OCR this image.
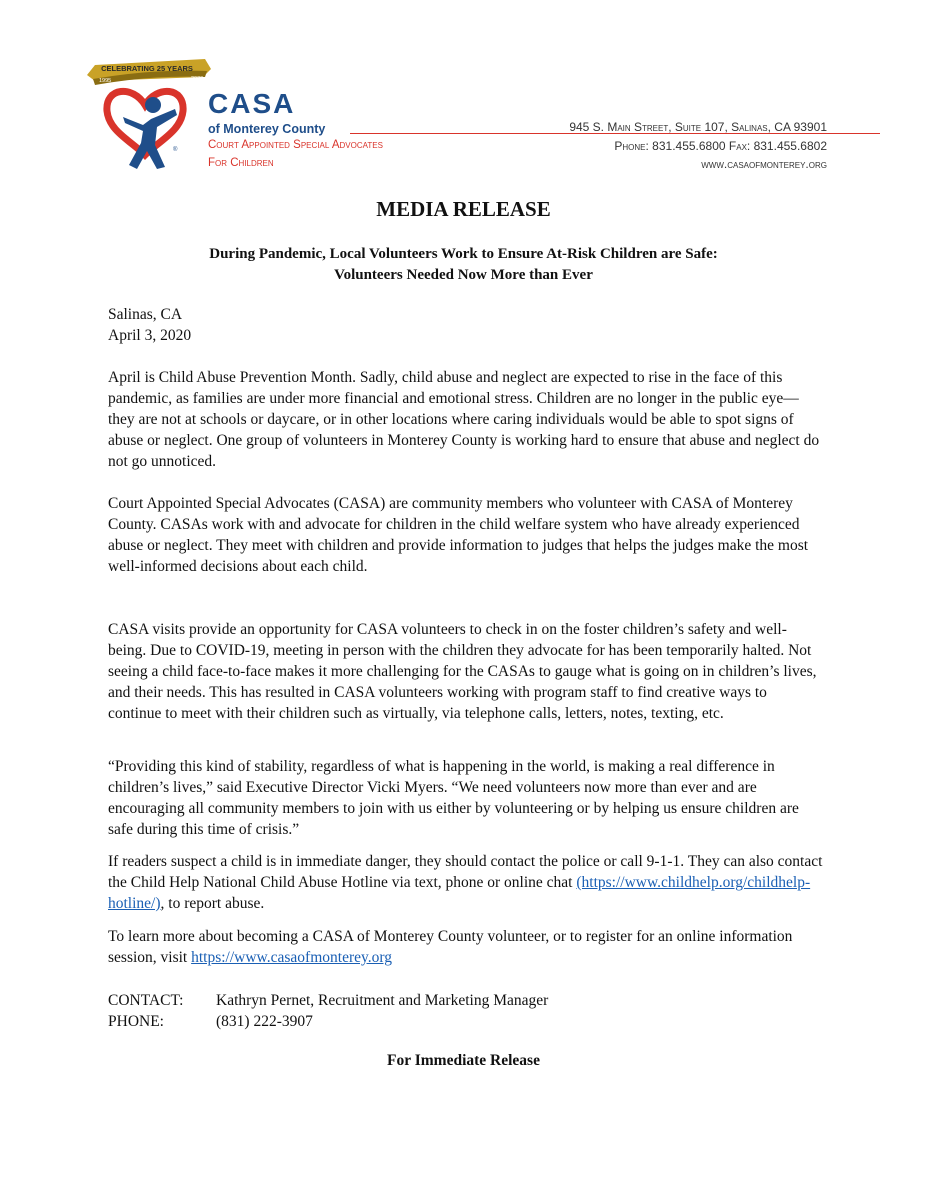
CELEBRATING 25 YEARS
1995	2020
®
CASA
of Monterey County
Court Appointed Special Advocates
For Children
945 S. Main Street, Suite 107, Salinas, CA 93901
Phone: 831.455.6800 Fax: 831.455.6802
www.casaofmonterey.org
MEDIA RELEASE
During Pandemic, Local Volunteers Work to Ensure At-Risk Children are Safe:
Volunteers Needed Now More than Ever
Salinas, CA
April 3, 2020

April is Child Abuse Prevention Month. Sadly, child abuse and neglect are expected to rise in the face of this pandemic, as families are under more financial and emotional stress. Children are no longer in the public eye—they are not at schools or daycare, or in other locations where caring individuals would be able to spot signs of abuse or neglect. One group of volunteers in Monterey County is working hard to ensure that abuse and neglect do not go unnoticed.

Court Appointed Special Advocates (CASA) are community members who volunteer with CASA of Monterey County. CASAs work with and advocate for children in the child welfare system who have already experienced abuse or neglect. They meet with children and provide information to judges that helps the judges make the most well-informed decisions about each child.

CASA visits provide an opportunity for CASA volunteers to check in on the foster children’s safety and well-being. Due to COVID-19, meeting in person with the children they advocate for has been temporarily halted. Not seeing a child face-to-face makes it more challenging for the CASAs to gauge what is going on in children’s lives, and their needs. This has resulted in CASA volunteers working with program staff to find creative ways to continue to meet with their children such as virtually, via telephone calls, letters, notes, texting, etc.

“Providing this kind of stability, regardless of what is happening in the world, is making a real difference in children’s lives,” said Executive Director Vicki Myers. “We need volunteers now more than ever and are encouraging all community members to join with us either by volunteering or by helping us ensure children are safe during this time of crisis.”

If readers suspect a child is in immediate danger, they should contact the police or call 9-1-1. They can also contact the Child Help National Child Abuse Hotline via text, phone or online chat (https://www.childhelp.org/childhelp-hotline/), to report abuse.

To learn more about becoming a CASA of Monterey County volunteer, or to register for an online information session, visit https://www.casaofmonterey.org

CONTACT:	Kathryn Pernet, Recruitment and Marketing Manager
PHONE:	(831) 222-3907
For Immediate Release
